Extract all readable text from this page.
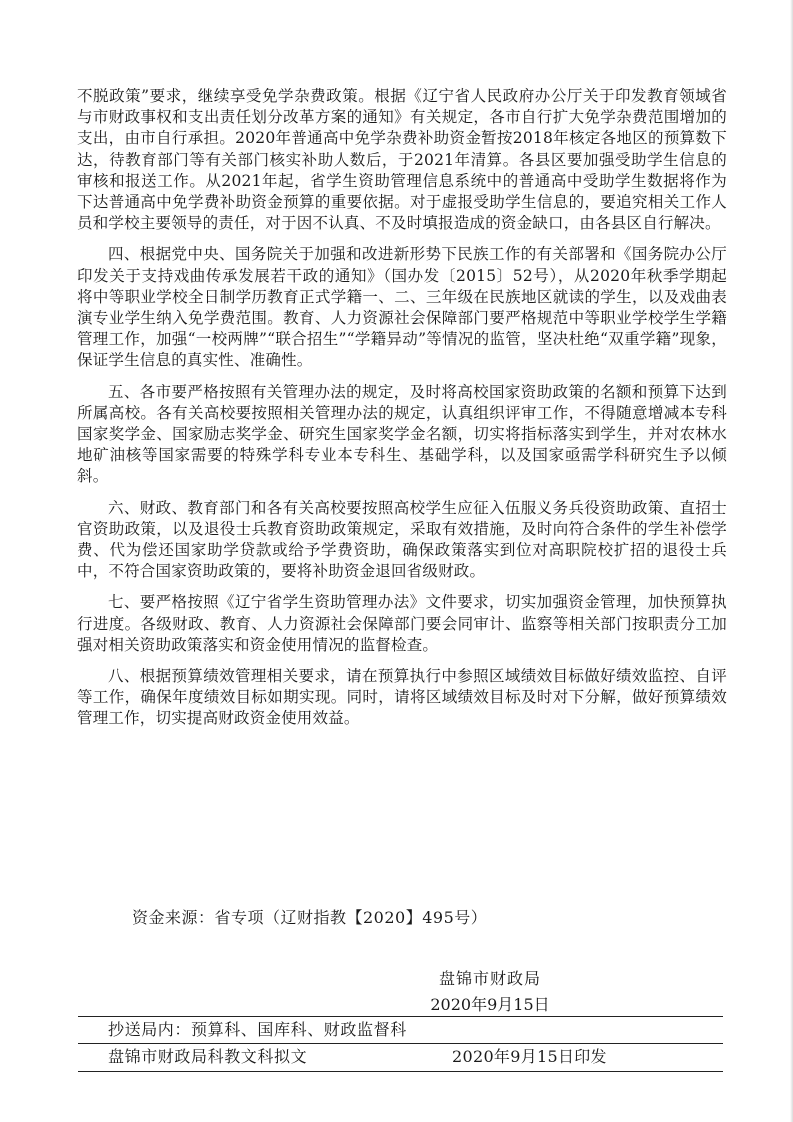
不脱政策”要求，继续享受免学杂费政策。根据《辽宁省人民政府办公厅关于印发教育领域省与市财政事权和支出责任划分改革方案的通知》有关规定，各市自行扩大免学杂费范围增加的支出，由市自行承担。2020年普通高中免学杂费补助资金暂按2018年核定各地区的预算数下达，待教育部门等有关部门核实补助人数后，于2021年清算。各县区要加强受助学生信息的审核和报送工作。从2021年起，省学生资助管理信息系统中的普通高中受助学生数据将作为下达普通高中免学费补助资金预算的重要依据。对于虚报受助学生信息的，要追究相关工作人员和学校主要领导的责任，对于因不认真、不及时填报造成的资金缺口，由各县区自行解决。

四、根据党中央、国务院关于加强和改进新形势下民族工作的有关部署和《国务院办公厅印发关于支持戏曲传承发展若干政的通知》（国办发〔2015〕52号），从2020年秋季学期起将中等职业学校全日制学历教育正式学籍一、二、三年级在民族地区就读的学生，以及戏曲表演专业学生纳入免学费范围。教育、人力资源社会保障部门要严格规范中等职业学校学生学籍管理工作，加强“一校两牌”“联合招生”“学籍异动”等情况的监管，坚决杜绝“双重学籍”现象，保证学生信息的真实性、准确性。

五、各市要严格按照有关管理办法的规定，及时将高校国家资助政策的名额和预算下达到所属高校。各有关高校要按照相关管理办法的规定，认真组织评审工作，不得随意增减本专科国家奖学金、国家励志奖学金、研究生国家奖学金名额，切实将指标落实到学生，并对农林水地矿油核等国家需要的特殊学科专业本专科生、基础学科，以及国家亟需学科研究生予以倾斜。

六、财政、教育部门和各有关高校要按照高校学生应征入伍服义务兵役资助政策、直招士官资助政策，以及退役士兵教育资助政策规定，采取有效措施，及时向符合条件的学生补偿学费、代为偿还国家助学贷款或给予学费资助，确保政策落实到位对高职院校扩招的退役士兵中，不符合国家资助政策的，要将补助资金退回省级财政。

七、要严格按照《辽宁省学生资助管理办法》文件要求，切实加强资金管理，加快预算执行进度。各级财政、教育、人力资源社会保障部门要会同审计、监察等相关部门按职责分工加强对相关资助政策落实和资金使用情况的监督检查。

八、根据预算绩效管理相关要求，请在预算执行中参照区域绩效目标做好绩效监控、自评等工作，确保年度绩效目标如期实现。同时，请将区域绩效目标及时对下分解，做好预算绩效管理工作，切实提高财政资金使用效益。

资金来源：省专项（辽财指教【2020】495号）

盘锦市财政局

2020年9月15日

抄送局内：预算科、国库科、财政监督科

盘锦市财政局科教文科拟文	2020年9月15日印发
